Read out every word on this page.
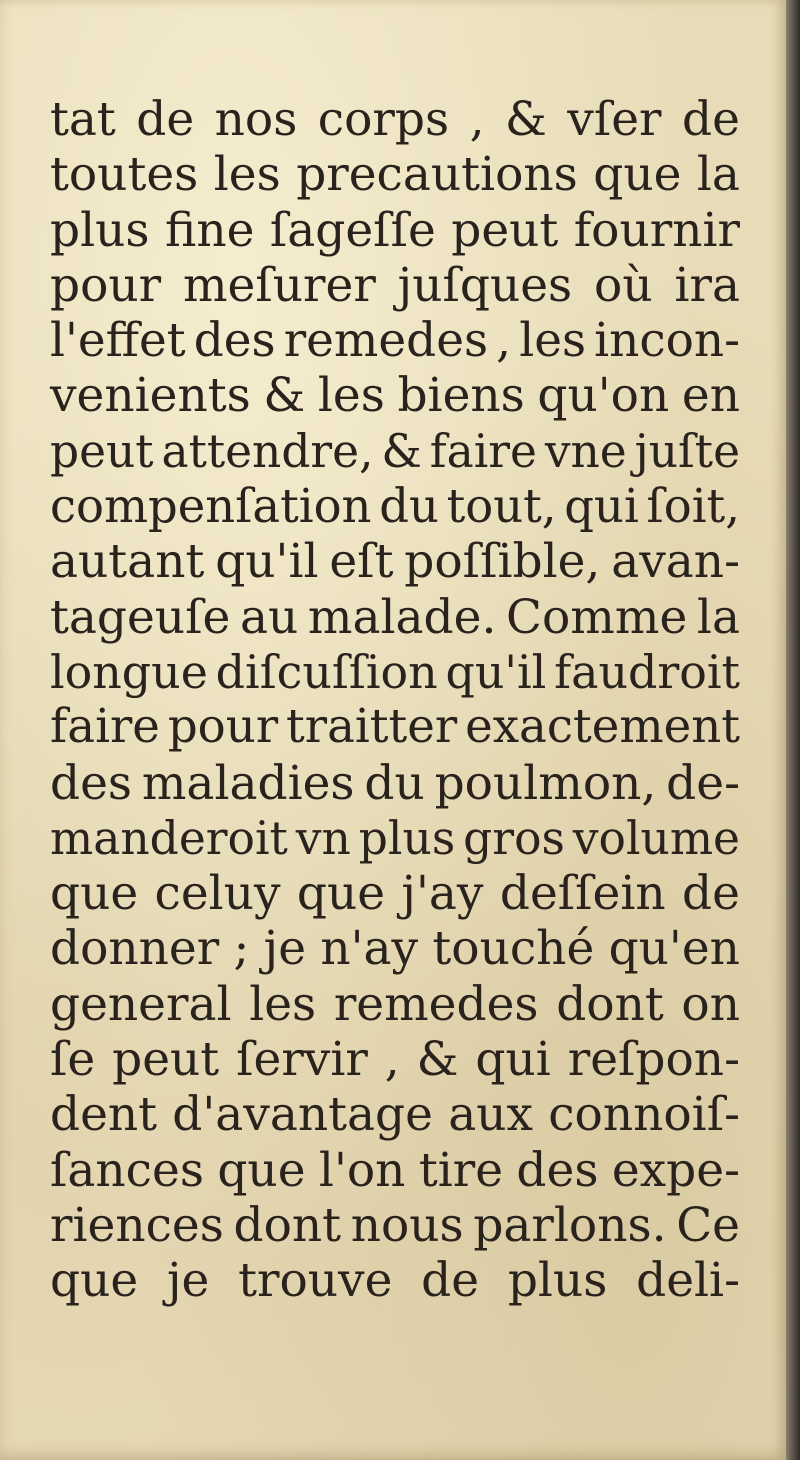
tat de nos corps , & vſer de
toutes les precautions que la
plus fine ſageſſe peut fournir
pour meſurer juſques où ira
l'effet des remedes , les incon-
venients & les biens qu'on en
peut attendre, & faire vne juſte
compenſation du tout, qui ſoit,
autant qu'il eſt poſſible, avan-
tageuſe au malade. Comme la
longue diſcuſſion qu'il faudroit
faire pour traitter exactement
des maladies du poulmon, de-
manderoit vn plus gros volume
que celuy que j'ay deſſein de
donner ; je n'ay touché qu'en
general les remedes dont on
ſe peut ſervir , & qui reſpon-
dent d'avantage aux connoiſ-
ſances que l'on tire des expe-
riences dont nous parlons. Ce
que je trouve de plus deli-
